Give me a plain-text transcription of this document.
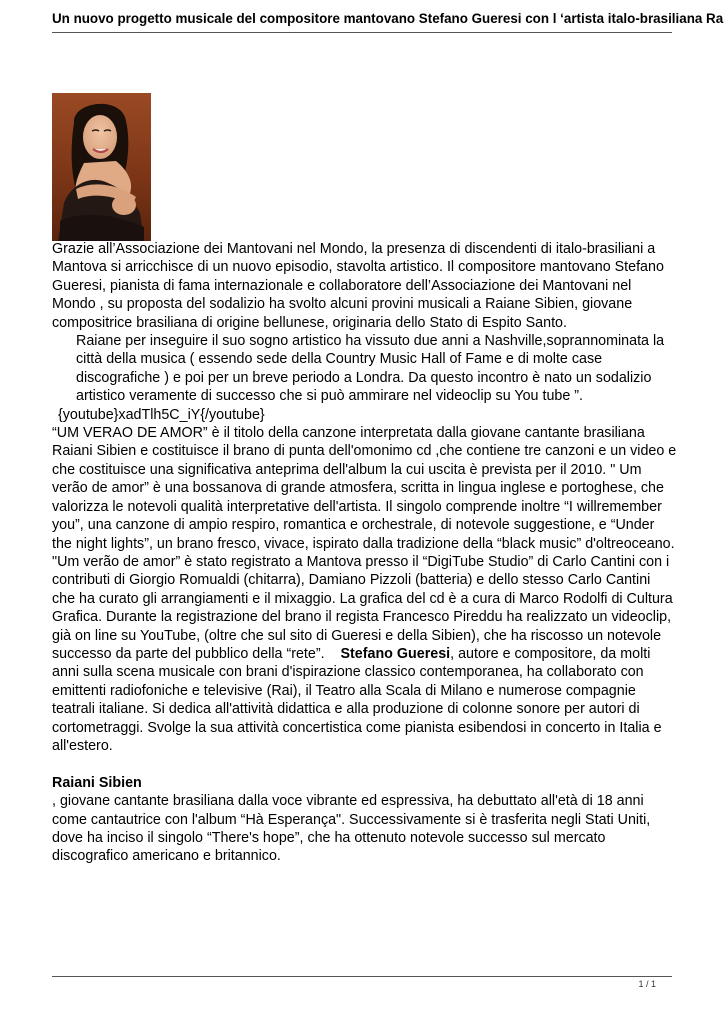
Un nuovo progetto musicale del compositore mantovano Stefano Gueresi con l ‘artista italo-brasiliana Ra

Grazie all’Associazione dei Mantovani nel Mondo, la presenza di discendenti di italo-brasiliani a Mantova si arricchisce di un nuovo episodio, stavolta artistico. Il compositore mantovano Stefano Gueresi, pianista di fama internazionale e collaboratore dell’Associazione dei Mantovani nel Mondo , su proposta del sodalizio ha svolto alcuni provini musicali a Raiane Sibien, giovane compositrice brasiliana di origine bellunese, originaria dello Stato di Espito Santo.

Raiane per inseguire il suo sogno artistico ha vissuto due anni a Nashville,soprannominata la città della musica ( essendo sede della Country Music Hall of Fame e di molte case discografiche ) e poi per un breve periodo a Londra. Da questo incontro è nato un sodalizio artistico veramente di successo che si può ammirare nel videoclip su You tube ”.

{youtube}xadTlh5C_iY{/youtube}

“UM VERAO DE AMOR” è il titolo della canzone interpretata dalla giovane cantante brasiliana Raiani Sibien e costituisce il brano di punta dell'omonimo cd ,che contiene tre canzoni e un video e che costituisce una significativa anteprima dell'album la cui uscita è prevista per il 2010. " Um verão de amor” è una bossanova di grande atmosfera, scritta in lingua inglese e portoghese, che valorizza le notevoli qualità interpretative dell'artista. Il singolo comprende inoltre “I willremember you”, una canzone di ampio respiro, romantica e orchestrale, di notevole suggestione, e “Under the night lights”, un brano fresco, vivace, ispirato dalla tradizione della “black music” d'oltreoceano. "Um verão de amor” è stato registrato a Mantova presso il “DigiTube Studio” di Carlo Cantini con i contributi di Giorgio Romualdi (chitarra), Damiano Pizzoli (batteria) e dello stesso Carlo Cantini che ha curato gli arrangiamenti e il mixaggio. La grafica del cd è a cura di Marco Rodolfi di Cultura Grafica. Durante la registrazione del brano il regista Francesco Pireddu ha realizzato un videoclip, già on line su YouTube, (oltre che sul sito di Gueresi e della Sibien), che ha riscosso un notevole successo da parte del pubblico della “rete”. Stefano Gueresi, autore e compositore, da molti anni sulla scena musicale con brani d'ispirazione classico contemporanea, ha collaborato con emittenti radiofoniche e televisive (Rai), il Teatro alla Scala di Milano e numerose compagnie teatrali italiane. Si dedica all'attività didattica e alla produzione di colonne sonore per autori di cortometraggi. Svolge la sua attività concertistica come pianista esibendosi in concerto in Italia e all'estero.

Raiani Sibien

, giovane cantante brasiliana dalla voce vibrante ed espressiva, ha debuttato all'età di 18 anni come cantautrice con l'album “Hà Esperança". Successivamente si è trasferita negli Stati Uniti, dove ha inciso il singolo “There's hope”, che ha ottenuto notevole successo sul mercato discografico americano e britannico.

1 / 1
